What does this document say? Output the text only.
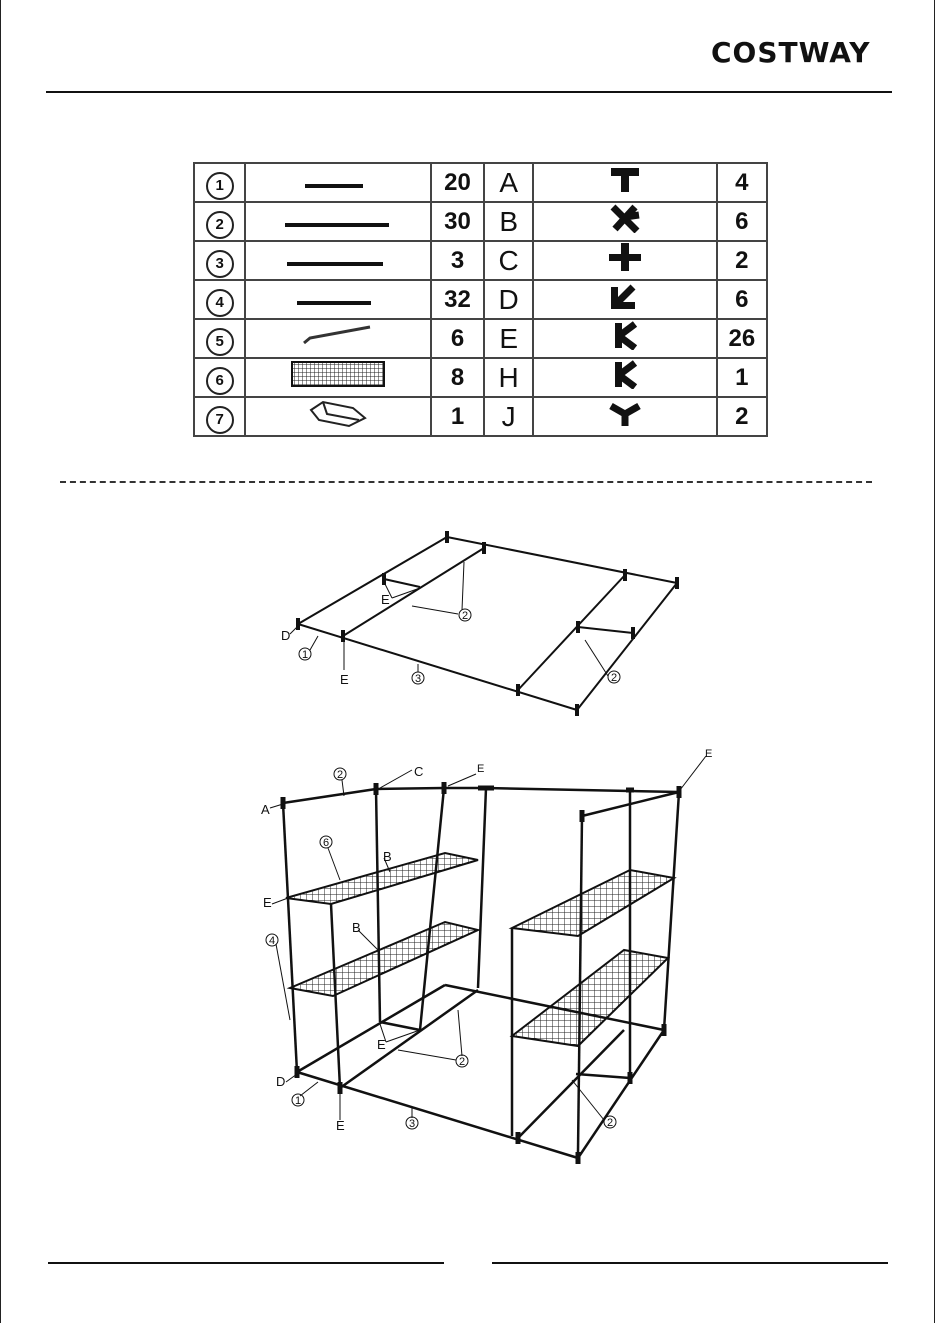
COSTWAY
1		20	A		4
2		30	B		6
3		3	C		2
4		32	D		6
5		6	E		26
6		8	H		1
7		1	J		2
D
1
E	3
E
2
2
2	C	E
E
A
6
B
E
B
4
E
2
D
1
E	3	2
